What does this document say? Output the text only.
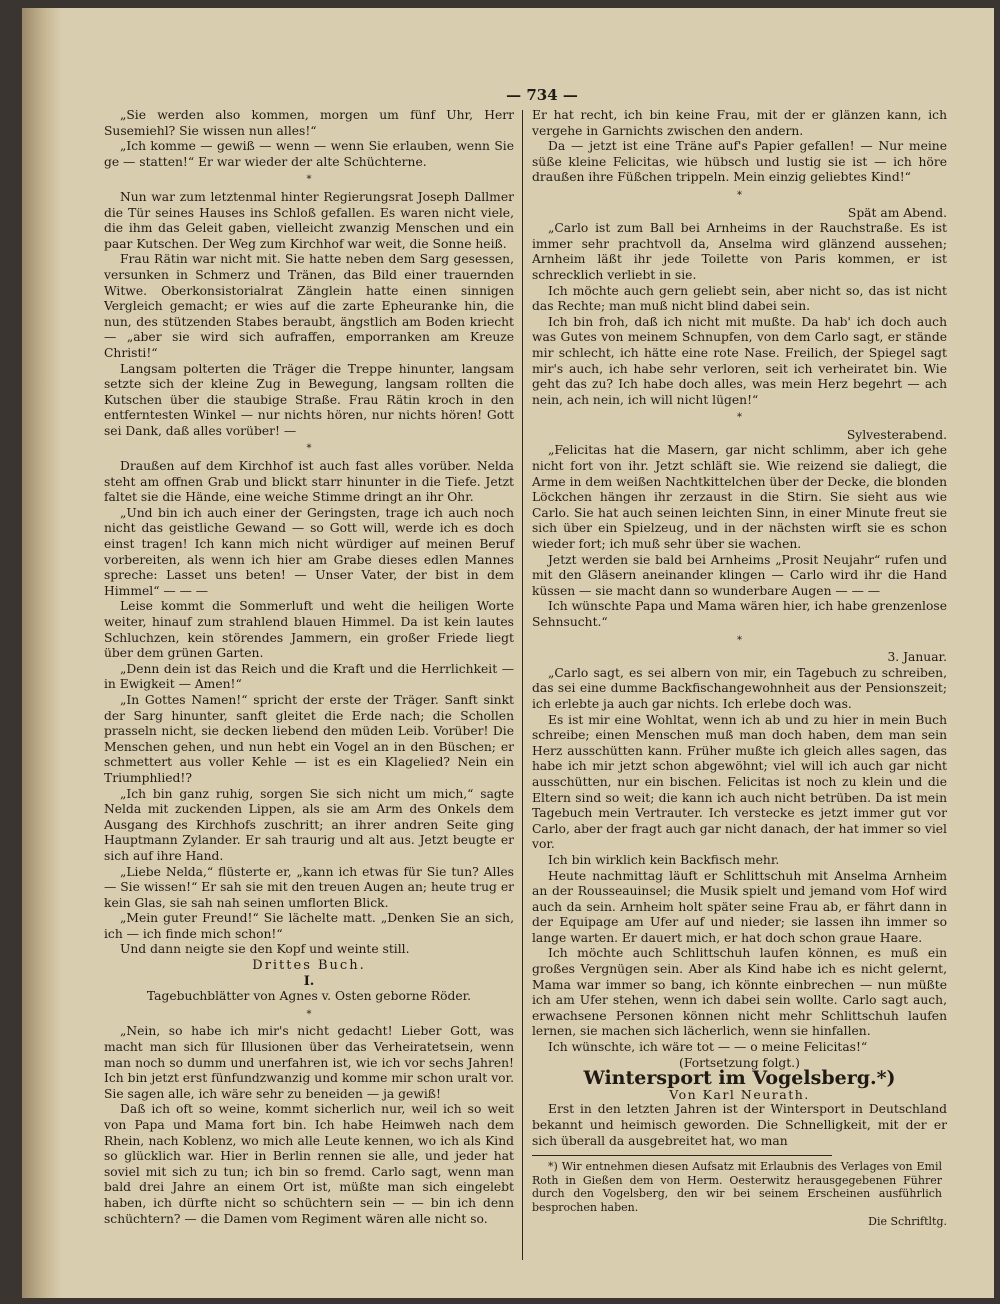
— 734 —

„Sie werden also kommen, morgen um fünf Uhr, Herr Susemiehl? Sie wissen nun alles!“

„Ich komme — gewiß — wenn — wenn Sie erlauben, wenn Sie ge — statten!“ Er war wieder der alte Schüchterne.

*

Nun war zum letztenmal hinter Regierungsrat Joseph Dallmer die Tür seines Hauses ins Schloß gefallen. Es waren nicht viele, die ihm das Geleit gaben, vielleicht zwanzig Menschen und ein paar Kutschen. Der Weg zum Kirchhof war weit, die Sonne heiß.

Frau Rätin war nicht mit. Sie hatte neben dem Sarg gesessen, versunken in Schmerz und Tränen, das Bild einer trauernden Witwe. Oberkonsistorialrat Zänglein hatte einen sinnigen Vergleich gemacht; er wies auf die zarte Epheuranke hin, die nun, des stützenden Stabes beraubt, ängstlich am Boden kriecht — „aber sie wird sich aufraffen, emporranken am Kreuze Christi!“

Langsam polterten die Träger die Treppe hinunter, langsam setzte sich der kleine Zug in Bewegung, langsam rollten die Kutschen über die staubige Straße. Frau Rätin kroch in den entferntesten Winkel — nur nichts hören, nur nichts hören! Gott sei Dank, daß alles vorüber! —

*

Draußen auf dem Kirchhof ist auch fast alles vorüber. Nelda steht am offnen Grab und blickt starr hinunter in die Tiefe. Jetzt faltet sie die Hände, eine weiche Stimme dringt an ihr Ohr.

„Und bin ich auch einer der Geringsten, trage ich auch noch nicht das geistliche Gewand — so Gott will, werde ich es doch einst tragen! Ich kann mich nicht würdiger auf meinen Beruf vorbereiten, als wenn ich hier am Grabe dieses edlen Mannes spreche: Lasset uns beten! — Unser Vater, der bist in dem Himmel“ — — —

Leise kommt die Sommerluft und weht die heiligen Worte weiter, hinauf zum strahlend blauen Himmel. Da ist kein lautes Schluchzen, kein störendes Jammern, ein großer Friede liegt über dem grünen Garten.

„Denn dein ist das Reich und die Kraft und die Herrlichkeit — in Ewigkeit — Amen!“

„In Gottes Namen!“ spricht der erste der Träger. Sanft sinkt der Sarg hinunter, sanft gleitet die Erde nach; die Schollen prasseln nicht, sie decken liebend den müden Leib. Vorüber! Die Menschen gehen, und nun hebt ein Vogel an in den Büschen; er schmettert aus voller Kehle — ist es ein Klagelied? Nein ein Triumphlied!?

„Ich bin ganz ruhig, sorgen Sie sich nicht um mich,“ sagte Nelda mit zuckenden Lippen, als sie am Arm des Onkels dem Ausgang des Kirchhofs zuschritt; an ihrer andren Seite ging Hauptmann Zylander. Er sah traurig und alt aus. Jetzt beugte er sich auf ihre Hand.

„Liebe Nelda,“ flüsterte er, „kann ich etwas für Sie tun? Alles — Sie wissen!“ Er sah sie mit den treuen Augen an; heute trug er kein Glas, sie sah nah seinen umflorten Blick.

„Mein guter Freund!“ Sie lächelte matt. „Denken Sie an sich, ich — ich finde mich schon!“

Und dann neigte sie den Kopf und weinte still.

Drittes Buch.

I.

Tagebuchblätter von Agnes v. Osten geborne Röder.

*

„Nein, so habe ich mir's nicht gedacht! Lieber Gott, was macht man sich für Illusionen über das Verheiratetsein, wenn man noch so dumm und unerfahren ist, wie ich vor sechs Jahren! Ich bin jetzt erst fünfundzwanzig und komme mir schon uralt vor. Sie sagen alle, ich wäre sehr zu beneiden — ja gewiß!

Daß ich oft so weine, kommt sicherlich nur, weil ich so weit von Papa und Mama fort bin. Ich habe Heimweh nach dem Rhein, nach Koblenz, wo mich alle Leute kennen, wo ich als Kind so glücklich war. Hier in Berlin rennen sie alle, und jeder hat soviel mit sich zu tun; ich bin so fremd. Carlo sagt, wenn man bald drei Jahre an einem Ort ist, müßte man sich eingelebt haben, ich dürfte nicht so schüchtern sein — — bin ich denn schüchtern? — die Damen vom Regiment wären alle nicht so.

Er hat recht, ich bin keine Frau, mit der er glänzen kann, ich vergehe in Garnichts zwischen den andern.

Da — jetzt ist eine Träne auf's Papier gefallen! — Nur meine süße kleine Felicitas, wie hübsch und lustig sie ist — ich höre draußen ihre Füßchen trippeln. Mein einzig geliebtes Kind!“

*

Spät am Abend.

„Carlo ist zum Ball bei Arnheims in der Rauchstraße. Es ist immer sehr prachtvoll da, Anselma wird glänzend aussehen; Arnheim läßt ihr jede Toilette von Paris kommen, er ist schrecklich verliebt in sie.

Ich möchte auch gern geliebt sein, aber nicht so, das ist nicht das Rechte; man muß nicht blind dabei sein.

Ich bin froh, daß ich nicht mit mußte. Da hab' ich doch auch was Gutes von meinem Schnupfen, von dem Carlo sagt, er stände mir schlecht, ich hätte eine rote Nase. Freilich, der Spiegel sagt mir's auch, ich habe sehr verloren, seit ich verheiratet bin. Wie geht das zu? Ich habe doch alles, was mein Herz begehrt — ach nein, ach nein, ich will nicht lügen!“

*

Sylvesterabend.

„Felicitas hat die Masern, gar nicht schlimm, aber ich gehe nicht fort von ihr. Jetzt schläft sie. Wie reizend sie daliegt, die Arme in dem weißen Nachtkittelchen über der Decke, die blonden Löckchen hängen ihr zerzaust in die Stirn. Sie sieht aus wie Carlo. Sie hat auch seinen leichten Sinn, in einer Minute freut sie sich über ein Spielzeug, und in der nächsten wirft sie es schon wieder fort; ich muß sehr über sie wachen.

Jetzt werden sie bald bei Arnheims „Prosit Neujahr“ rufen und mit den Gläsern aneinander klingen — Carlo wird ihr die Hand küssen — sie macht dann so wunderbare Augen — — —

Ich wünschte Papa und Mama wären hier, ich habe grenzenlose Sehnsucht.“

*

3. Januar.

„Carlo sagt, es sei albern von mir, ein Tagebuch zu schreiben, das sei eine dumme Backfischangewohnheit aus der Pensionszeit; ich erlebte ja auch gar nichts. Ich erlebe doch was.

Es ist mir eine Wohltat, wenn ich ab und zu hier in mein Buch schreibe; einen Menschen muß man doch haben, dem man sein Herz ausschütten kann. Früher mußte ich gleich alles sagen, das habe ich mir jetzt schon abgewöhnt; viel will ich auch gar nicht ausschütten, nur ein bischen. Felicitas ist noch zu klein und die Eltern sind so weit; die kann ich auch nicht betrüben. Da ist mein Tagebuch mein Vertrauter. Ich verstecke es jetzt immer gut vor Carlo, aber der fragt auch gar nicht danach, der hat immer so viel vor.

Ich bin wirklich kein Backfisch mehr.

Heute nachmittag läuft er Schlittschuh mit Anselma Arnheim an der Rousseauinsel; die Musik spielt und jemand vom Hof wird auch da sein. Arnheim holt später seine Frau ab, er fährt dann in der Equipage am Ufer auf und nieder; sie lassen ihn immer so lange warten. Er dauert mich, er hat doch schon graue Haare.

Ich möchte auch Schlittschuh laufen können, es muß ein großes Vergnügen sein. Aber als Kind habe ich es nicht gelernt, Mama war immer so bang, ich könnte einbrechen — nun müßte ich am Ufer stehen, wenn ich dabei sein wollte. Carlo sagt auch, erwachsene Personen können nicht mehr Schlittschuh laufen lernen, sie machen sich lächerlich, wenn sie hinfallen.

Ich wünschte, ich wäre tot — — o meine Felicitas!“

(Fortsetzung folgt.)

Wintersport im Vogelsberg.*)

Von Karl Neurath.

Erst in den letzten Jahren ist der Wintersport in Deutschland bekannt und heimisch geworden. Die Schnelligkeit, mit der er sich überall da ausgebreitet hat, wo man

*) Wir entnehmen diesen Aufsatz mit Erlaubnis des Verlages von Emil Roth in Gießen dem von Herm. Oesterwitz herausgegebenen Führer durch den Vogelsberg, den wir bei seinem Erscheinen ausführlich besprochen haben.

Die Schriftltg.
